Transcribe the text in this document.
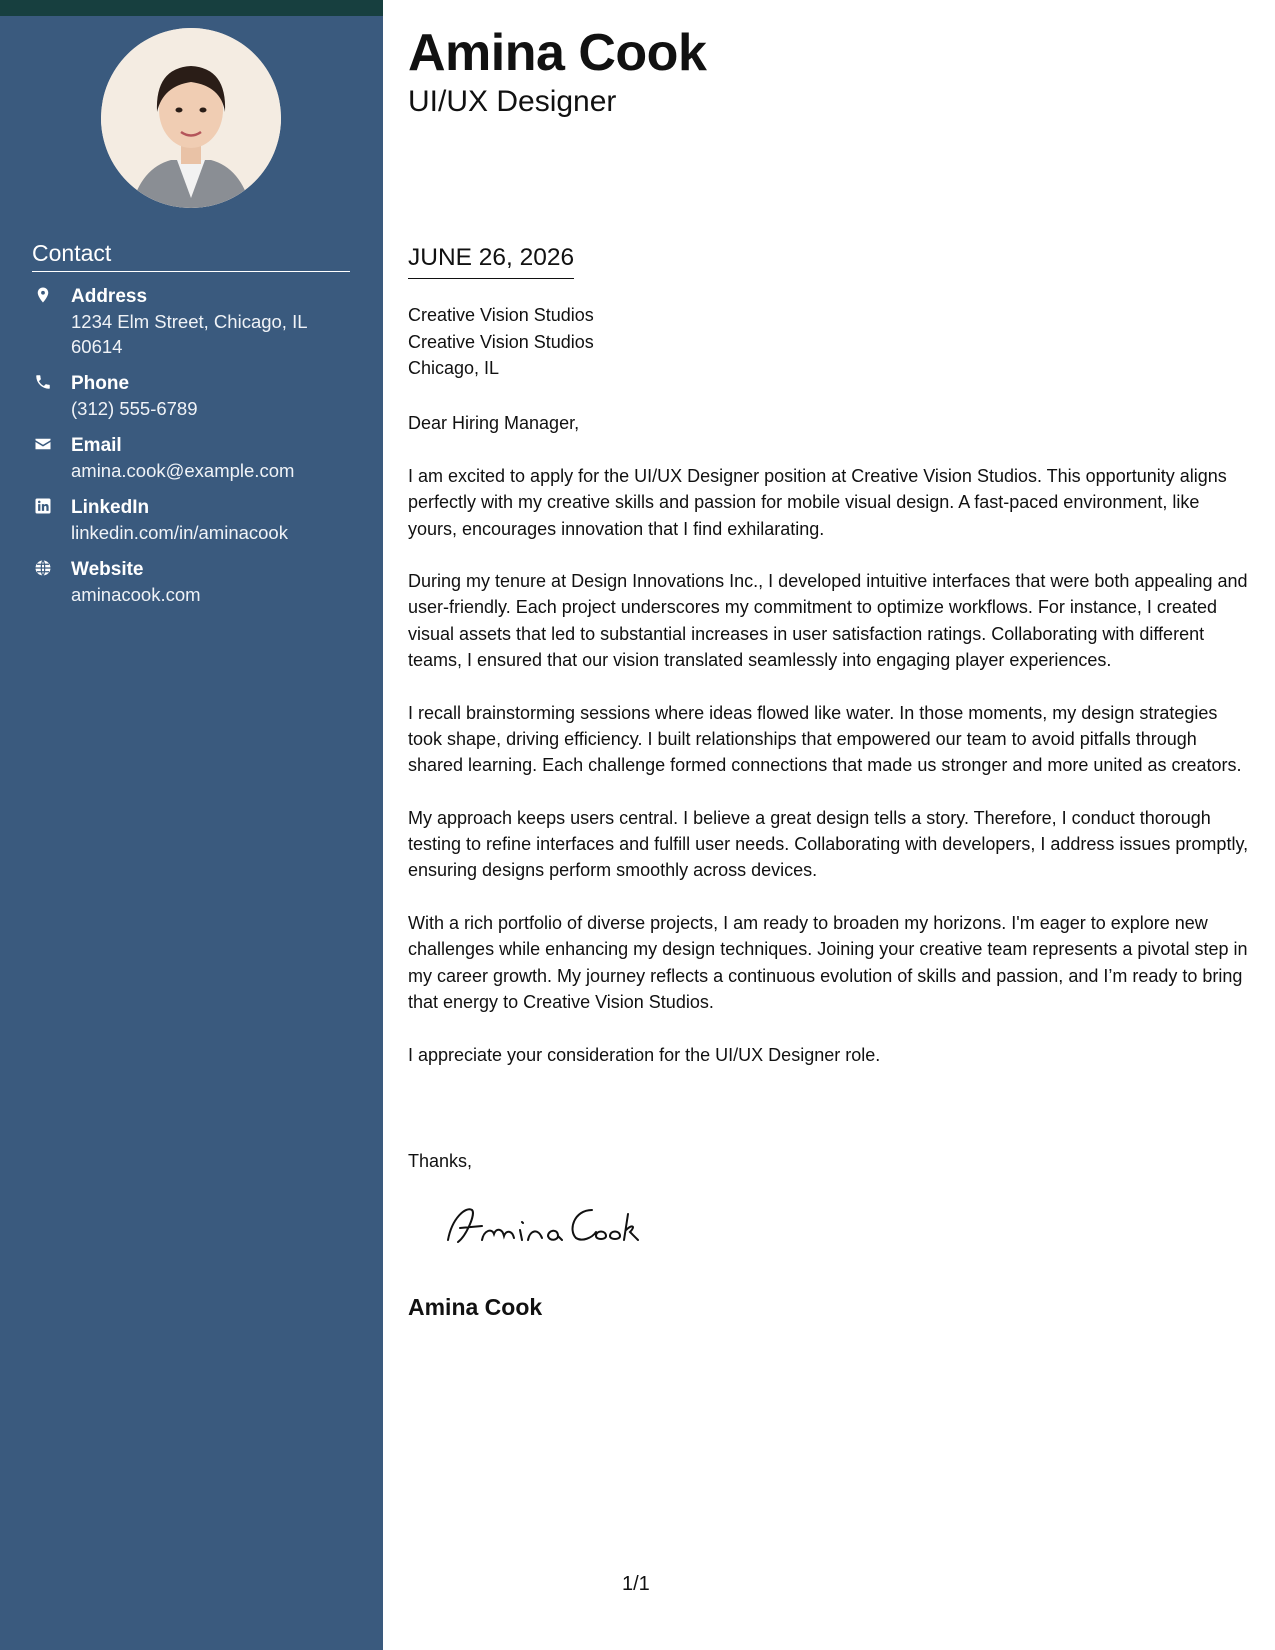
Contact
Address
1234 Elm Street, Chicago, IL 60614
Phone
(312) 555-6789
Email
amina.cook@example.com
LinkedIn
linkedin.com/in/aminacook
Website
aminacook.com
Amina Cook
UI/UX Designer
JUNE 26, 2026
Creative Vision Studios
Creative Vision Studios
Chicago, IL
Dear Hiring Manager,

I am excited to apply for the UI/UX Designer position at Creative Vision Studios. This opportunity aligns perfectly with my creative skills and passion for mobile visual design. A fast-paced environment, like yours, encourages innovation that I find exhilarating.

During my tenure at Design Innovations Inc., I developed intuitive interfaces that were both appealing and user-friendly. Each project underscores my commitment to optimize workflows. For instance, I created visual assets that led to substantial increases in user satisfaction ratings. Collaborating with different teams, I ensured that our vision translated seamlessly into engaging player experiences.

I recall brainstorming sessions where ideas flowed like water. In those moments, my design strategies took shape, driving efficiency. I built relationships that empowered our team to avoid pitfalls through shared learning. Each challenge formed connections that made us stronger and more united as creators.

My approach keeps users central. I believe a great design tells a story. Therefore, I conduct thorough testing to refine interfaces and fulfill user needs. Collaborating with developers, I address issues promptly, ensuring designs perform smoothly across devices.

With a rich portfolio of diverse projects, I am ready to broaden my horizons. I'm eager to explore new challenges while enhancing my design techniques. Joining your creative team represents a pivotal step in my career growth. My journey reflects a continuous evolution of skills and passion, and I’m ready to bring that energy to Creative Vision Studios.

I appreciate your consideration for the UI/UX Designer role.

Thanks,
Amina Cook
1/1
